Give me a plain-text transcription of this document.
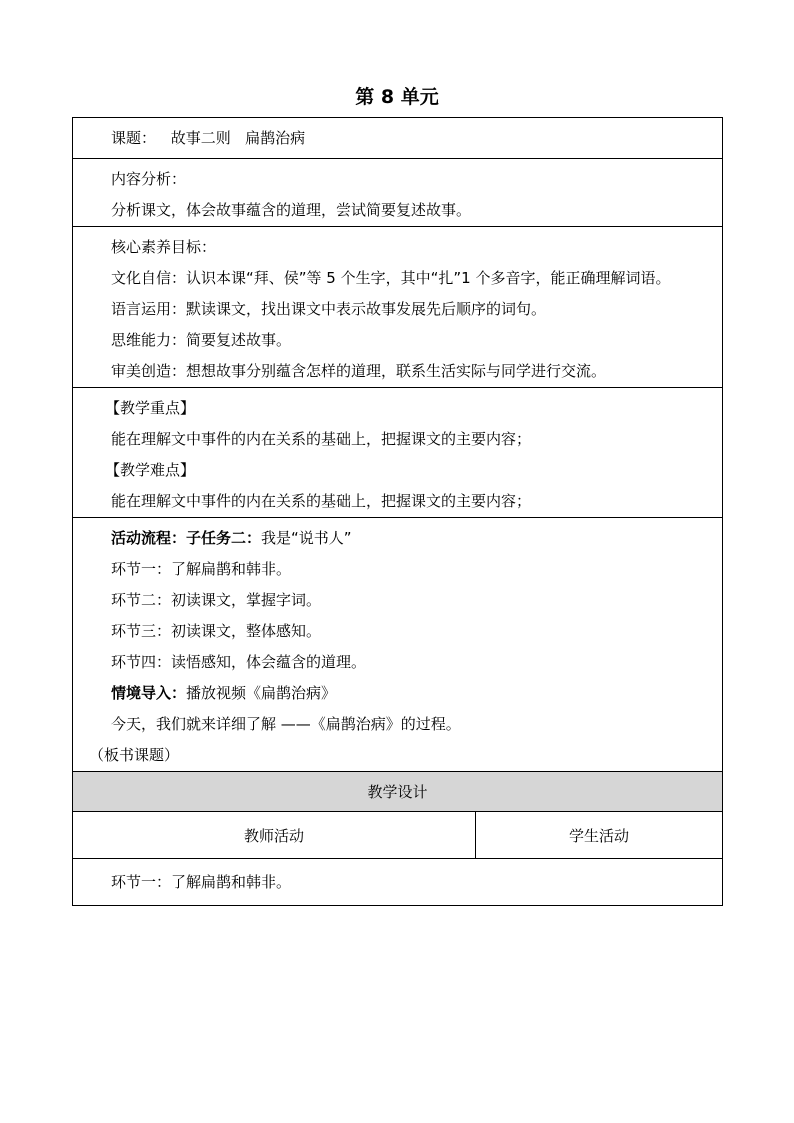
第 8 单元
课题： 故事二则   扁鹊治病

内容分析：
分析课文，体会故事蕴含的道理，尝试简要复述故事。

核心素养目标：
文化自信：认识本课“拜、侯”等 5 个生字，其中“扎”1 个多音字，能正确理解词语。
语言运用：默读课文，找出课文中表示故事发展先后顺序的词句。
思维能力：简要复述故事。
审美创造：想想故事分别蕴含怎样的道理，联系生活实际与同学进行交流。

【教学重点】
能在理解文中事件的内在关系的基础上，把握课文的主要内容；
【教学难点】
能在理解文中事件的内在关系的基础上，把握课文的主要内容；

活动流程：子任务二：我是“说书人”
环节一：了解扁鹊和韩非。
环节二：初读课文，掌握字词。
环节三：初读课文，整体感知。
环节四：读悟感知，体会蕴含的道理。
情境导入：播放视频《扁鹊治病》
今天，我们就来详细了解 ——《扁鹊治病》的过程。
（板书课题）

教学设计
教师活动	学生活动

环节一：了解扁鹊和韩非。
